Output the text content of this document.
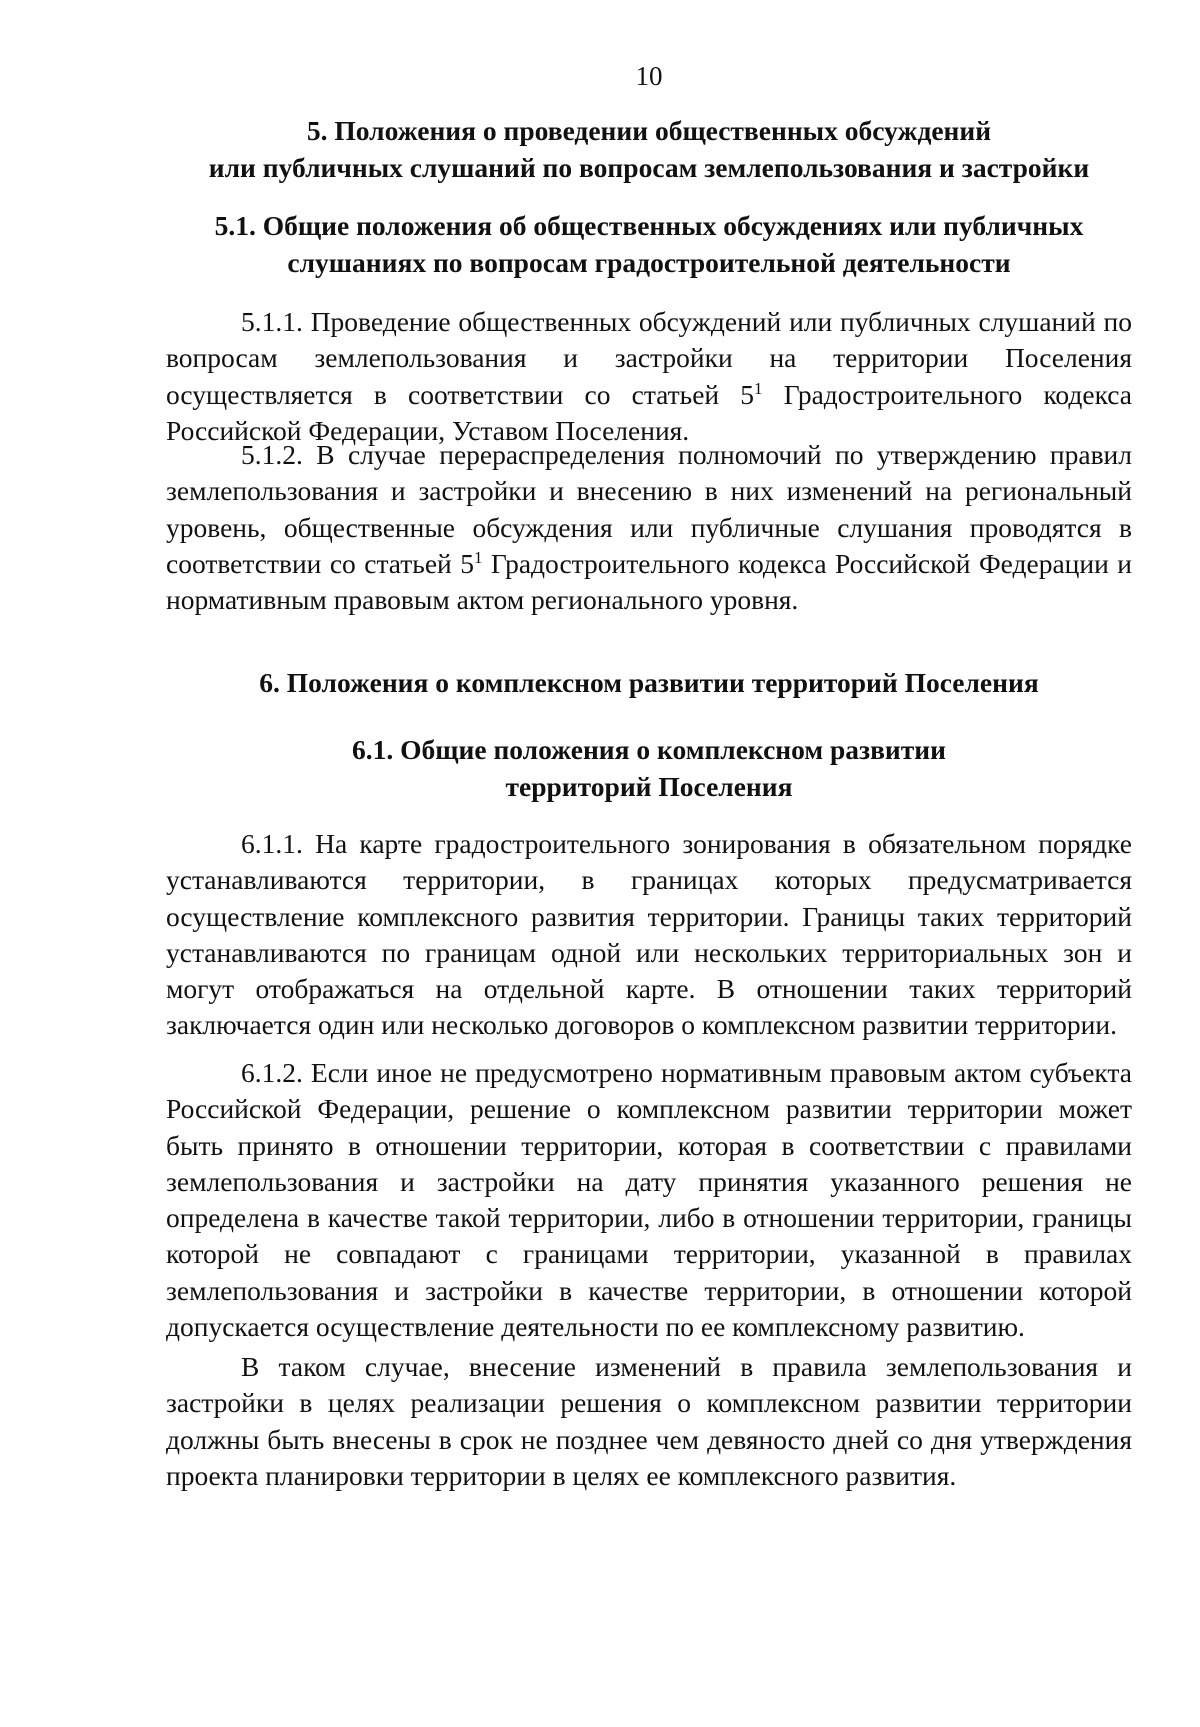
10
5. Положения о проведении общественных обсуждений
или публичных слушаний по вопросам землепользования и застройки
5.1. Общие положения об общественных обсуждениях или публичных
слушаниях по вопросам градостроительной деятельности

5.1.1. Проведение общественных обсуждений или публичных слушаний по вопросам землепользования и застройки на территории Поселения осуществляется в соответствии со статьей $5^1$ Градостроительного кодекса Российской Федерации, Уставом Поселения.

5.1.2. В случае перераспределения полномочий по утверждению правил землепользования и застройки и внесению в них изменений на региональный уровень, общественные обсуждения или публичные слушания проводятся в соответствии со статьей $5^1$ Градостроительного кодекса Российской Федерации и нормативным правовым актом регионального уровня.

6. Положения о комплексном развитии территорий Поселения
6.1. Общие положения о комплексном развитии
территорий Поселения

6.1.1. На карте градостроительного зонирования в обязательном порядке устанавливаются территории, в границах которых предусматривается осуществление комплексного развития территории. Границы таких территорий устанавливаются по границам одной или нескольких территориальных зон и могут отображаться на отдельной карте. В отношении таких территорий заключается один или несколько договоров о комплексном развитии территории.

6.1.2. Если иное не предусмотрено нормативным правовым актом субъекта Российской Федерации, решение о комплексном развитии территории может быть принято в отношении территории, которая в соответствии с правилами землепользования и застройки на дату принятия указанного решения не определена в качестве такой территории, либо в отношении территории, границы которой не совпадают с границами территории, указанной в правилах землепользования и застройки в качестве территории, в отношении которой допускается осуществление деятельности по ее комплексному развитию.

В таком случае, внесение изменений в правила землепользования и застройки в целях реализации решения о комплексном развитии территории должны быть внесены в срок не позднее чем девяносто дней со дня утверждения проекта планировки территории в целях ее комплексного развития.
